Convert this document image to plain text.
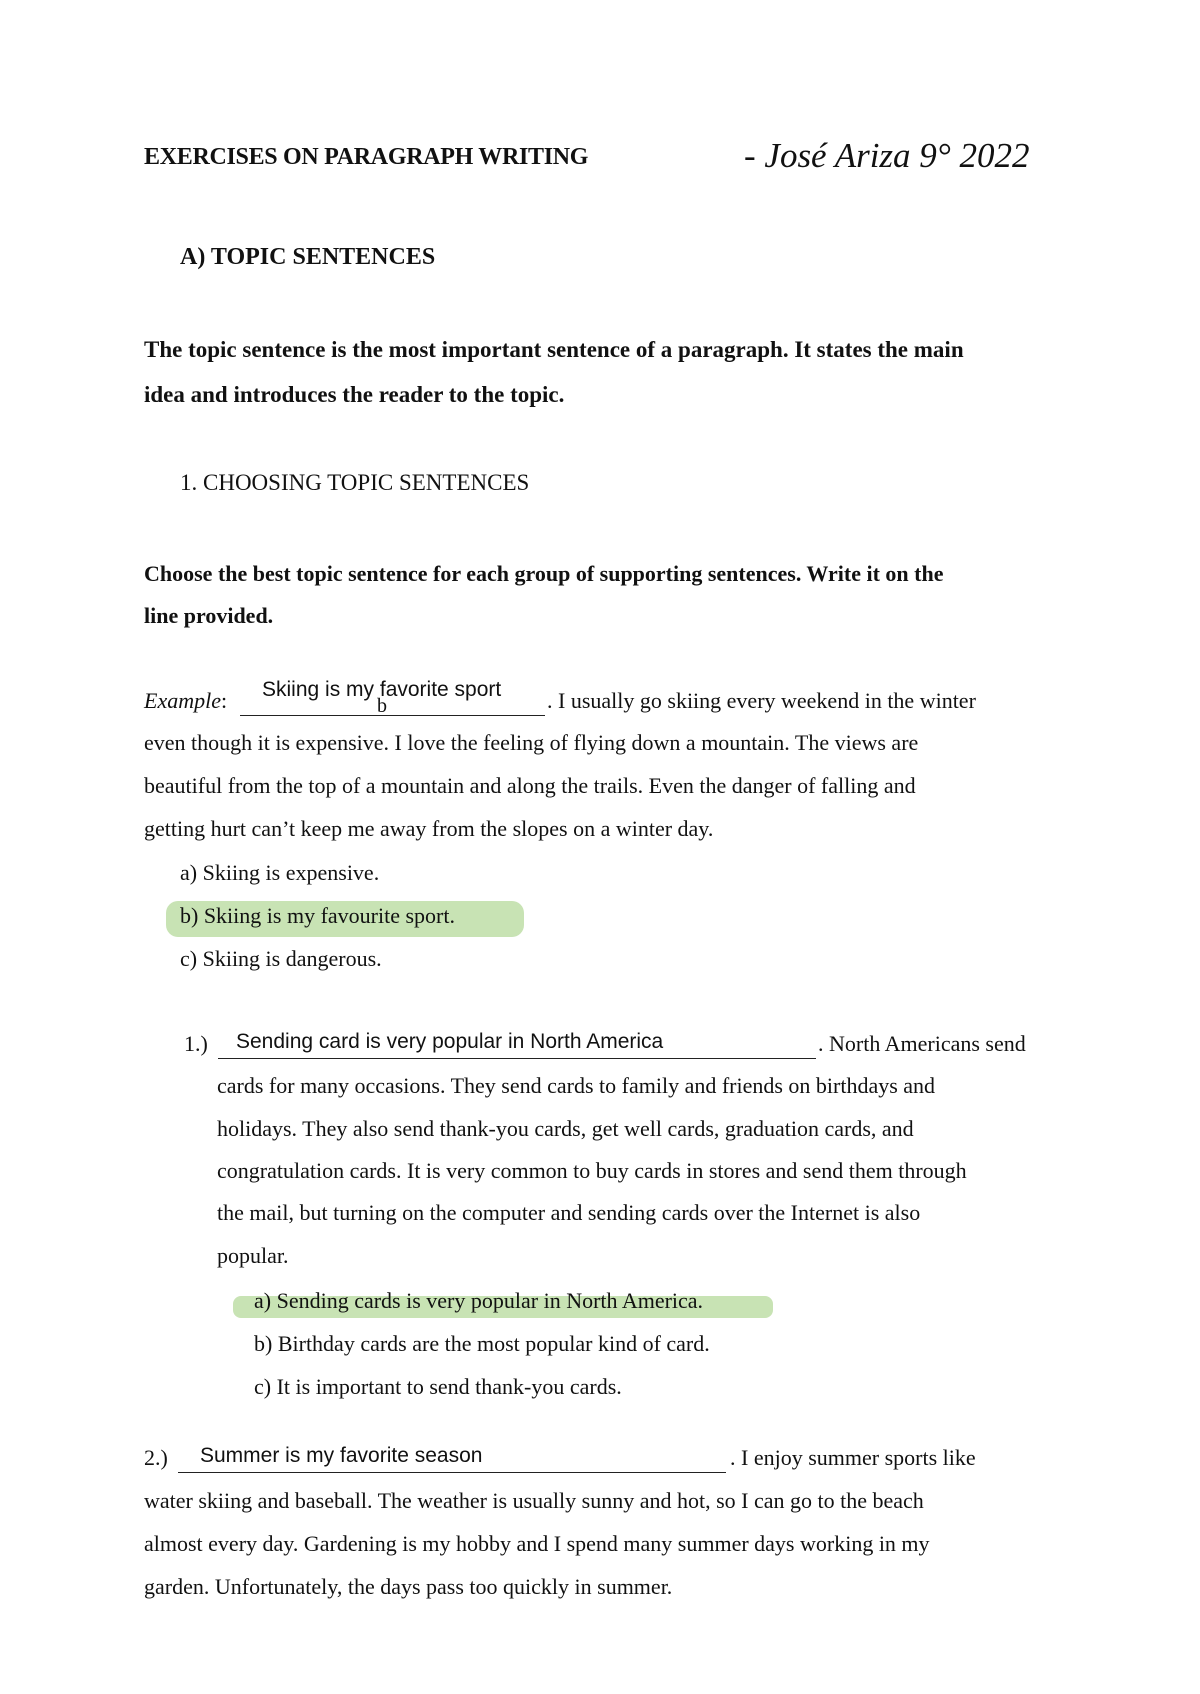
EXERCISES ON PARAGRAPH WRITING	- José Ariza 9° 2022
A) TOPIC SENTENCES
The topic sentence is the most important sentence of a paragraph. It states the main
idea and introduces the reader to the topic.
1. CHOOSING TOPIC SENTENCES
Choose the best topic sentence for each group of supporting sentences. Write it on the
line provided.
Example: Skiing is my favorite sport
b	. I usually go skiing every weekend in the winter
even though it is expensive. I love the feeling of flying down a mountain. The views are
beautiful from the top of a mountain and along the trails. Even the danger of falling and
getting hurt can’t keep me away from the slopes on a winter day.
a) Skiing is expensive.
b) Skiing is my favourite sport.
c) Skiing is dangerous.
1.) Sending card is very popular in North America	. North Americans send
cards for many occasions. They send cards to family and friends on birthdays and
holidays. They also send thank-you cards, get well cards, graduation cards, and
congratulation cards. It is very common to buy cards in stores and send them through
the mail, but turning on the computer and sending cards over the Internet is also
popular.
a) Sending cards is very popular in North America.
b) Birthday cards are the most popular kind of card.
c) It is important to send thank-you cards.
2.) Summer is my favorite season	. I enjoy summer sports like
water skiing and baseball. The weather is usually sunny and hot, so I can go to the beach
almost every day. Gardening is my hobby and I spend many summer days working in my
garden. Unfortunately, the days pass too quickly in summer.
